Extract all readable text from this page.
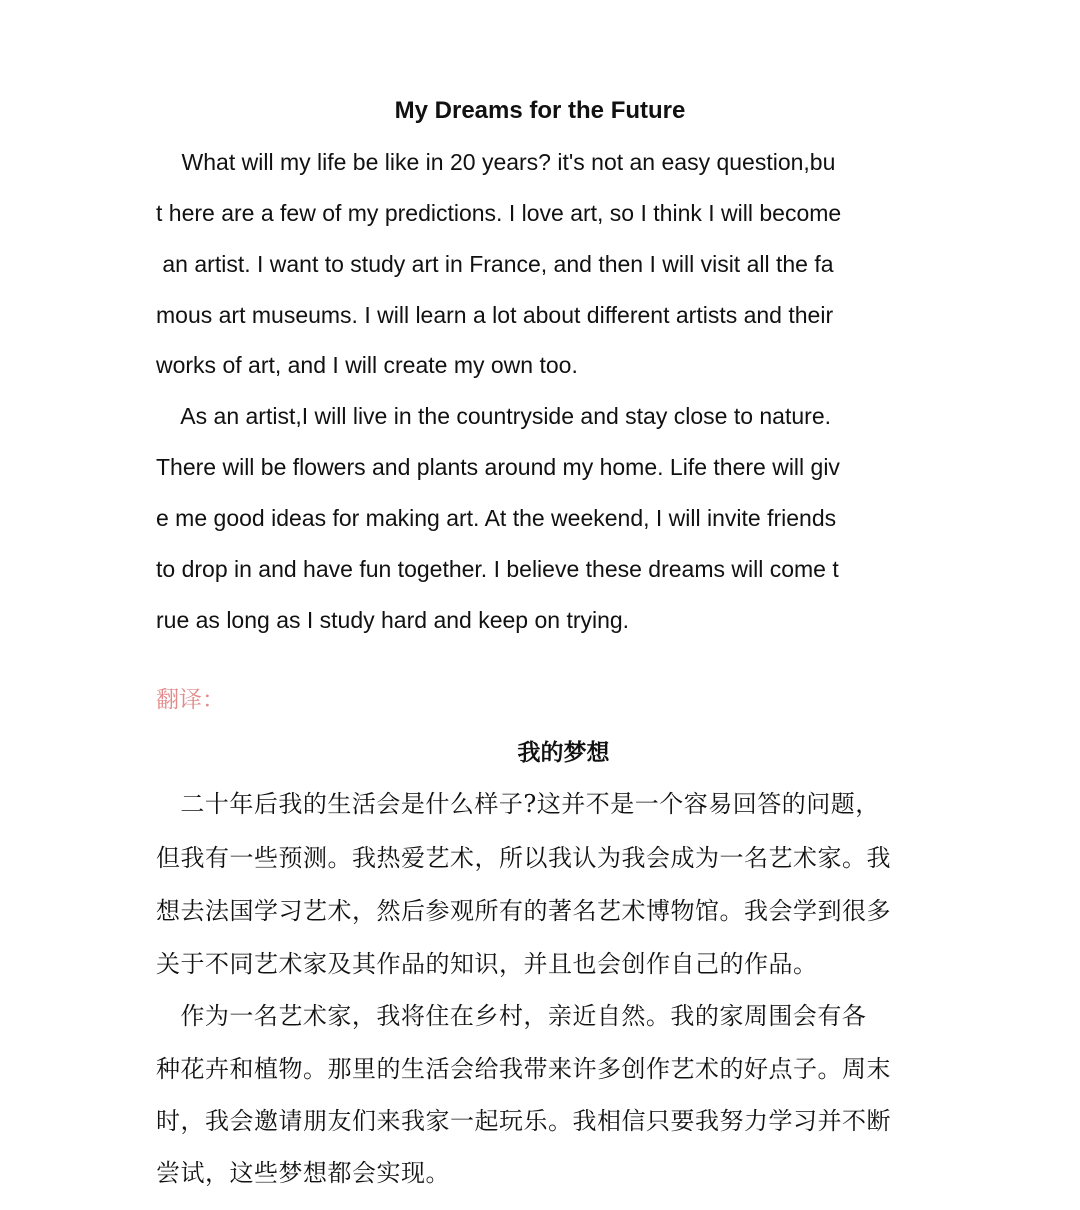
My Dreams for the Future

What will my life be like in 20 years? it's not an easy question,bu

t here are a few of my predictions. I love art, so I think I will become

an artist. I want to study art in France, and then I will visit all the fa

mous art museums. I will learn a lot about different artists and their

works of art, and I will create my own too.

As an artist,I will live in the countryside and stay close to nature.

There will be flowers and plants around my home. Life there will giv

e me good ideas for making art. At the weekend, I will invite friends

to drop in and have fun together. I believe these dreams will come t

rue as long as I study hard and keep on trying.

翻译：

我的梦想

二十年后我的生活会是什么样子?这并不是一个容易回答的问题，

但我有一些预测。我热爱艺术，所以我认为我会成为一名艺术家。我

想去法国学习艺术，然后参观所有的著名艺术博物馆。我会学到很多

关于不同艺术家及其作品的知识，并且也会创作自己的作品。

作为一名艺术家，我将住在乡村，亲近自然。我的家周围会有各

种花卉和植物。那里的生活会给我带来许多创作艺术的好点子。周末

时，我会邀请朋友们来我家一起玩乐。我相信只要我努力学习并不断

尝试，这些梦想都会实现。
